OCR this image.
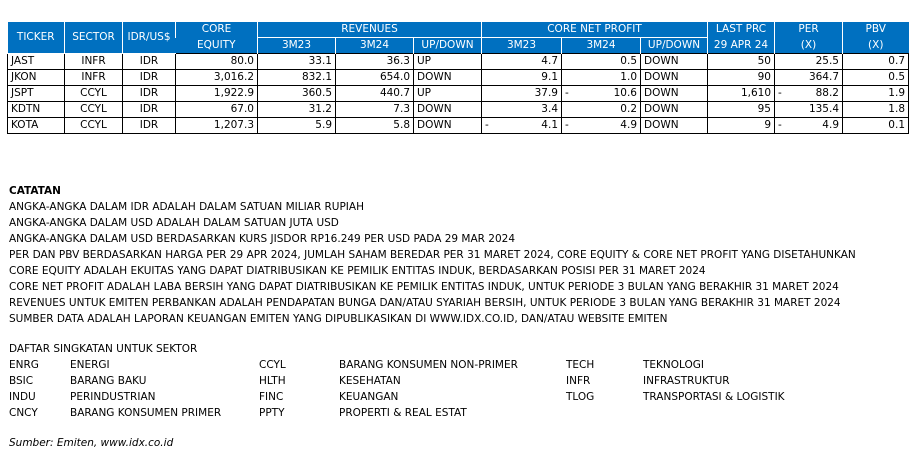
TICKER	SECTOR	IDR/US$	CORE	REVENUES			CORE NET PROFIT			LAST PRC	PER	PBV
			EQUITY	3M23	3M24	UP/DOWN	3M23	3M24	UP/DOWN	29 APR 24	(X)	(X)
JAST	INFR	IDR	80.0	33.1	36.3	UP	4.7	0.5	DOWN	50	25.5	0.7
JKON	INFR	IDR	3,016.2	832.1	654.0	DOWN	9.1	1.0	DOWN	90	364.7	0.5
JSPT	CCYL	IDR	1,922.9	360.5	440.7	UP	37.9	- 10.6	DOWN	1,610	- 88.2	1.9
KDTN	CCYL	IDR	67.0	31.2	7.3	DOWN	3.4	0.2	DOWN	95	135.4	1.8
KOTA	CCYL	IDR	1,207.3	5.9	5.8	DOWN	- 4.1	- 4.9	DOWN	9	- 4.9	0.1
CATATAN
ANGKA-ANGKA DALAM IDR ADALAH DALAM SATUAN MILIAR RUPIAH
ANGKA-ANGKA DALAM USD ADALAH DALAM SATUAN JUTA USD
ANGKA-ANGKA DALAM USD BERDASARKAN KURS JISDOR RP16.249 PER USD PADA 29 MAR 2024
PER DAN PBV BERDASARKAN HARGA PER 29 APR 2024, JUMLAH SAHAM BEREDAR PER 31 MARET 2024, CORE EQUITY & CORE NET PROFIT YANG DISETAHUNKAN
CORE EQUITY ADALAH EKUITAS YANG DAPAT DIATRIBUSIKAN KE PEMILIK ENTITAS INDUK, BERDASARKAN POSISI PER 31 MARET 2024
CORE NET PROFIT ADALAH LABA BERSIH YANG DAPAT DIATRIBUSIKAN KE PEMILIK ENTITAS INDUK, UNTUK PERIODE 3 BULAN YANG BERAKHIR 31 MARET 2024
REVENUES UNTUK EMITEN PERBANKAN ADALAH PENDAPATAN BUNGA DAN/ATAU SYARIAH BERSIH, UNTUK PERIODE 3 BULAN YANG BERAKHIR 31 MARET 2024
SUMBER DATA ADALAH LAPORAN KEUANGAN EMITEN YANG DIPUBLIKASIKAN DI WWW.IDX.CO.ID, DAN/ATAU WEBSITE EMITEN
DAFTAR SINGKATAN UNTUK SEKTOR
ENRG	ENERGI
BSIC	BARANG BAKU
INDU	PERINDUSTRIAN
CNCY	BARANG KONSUMEN PRIMER
CCYL	BARANG KONSUMEN NON-PRIMER
HLTH	KESEHATAN
FINC	KEUANGAN
PPTY	PROPERTI & REAL ESTAT
TECH	TEKNOLOGI
INFR	INFRASTRUKTUR
TLOG	TRANSPORTASI & LOGISTIK
Sumber: Emiten, www.idx.co.id
